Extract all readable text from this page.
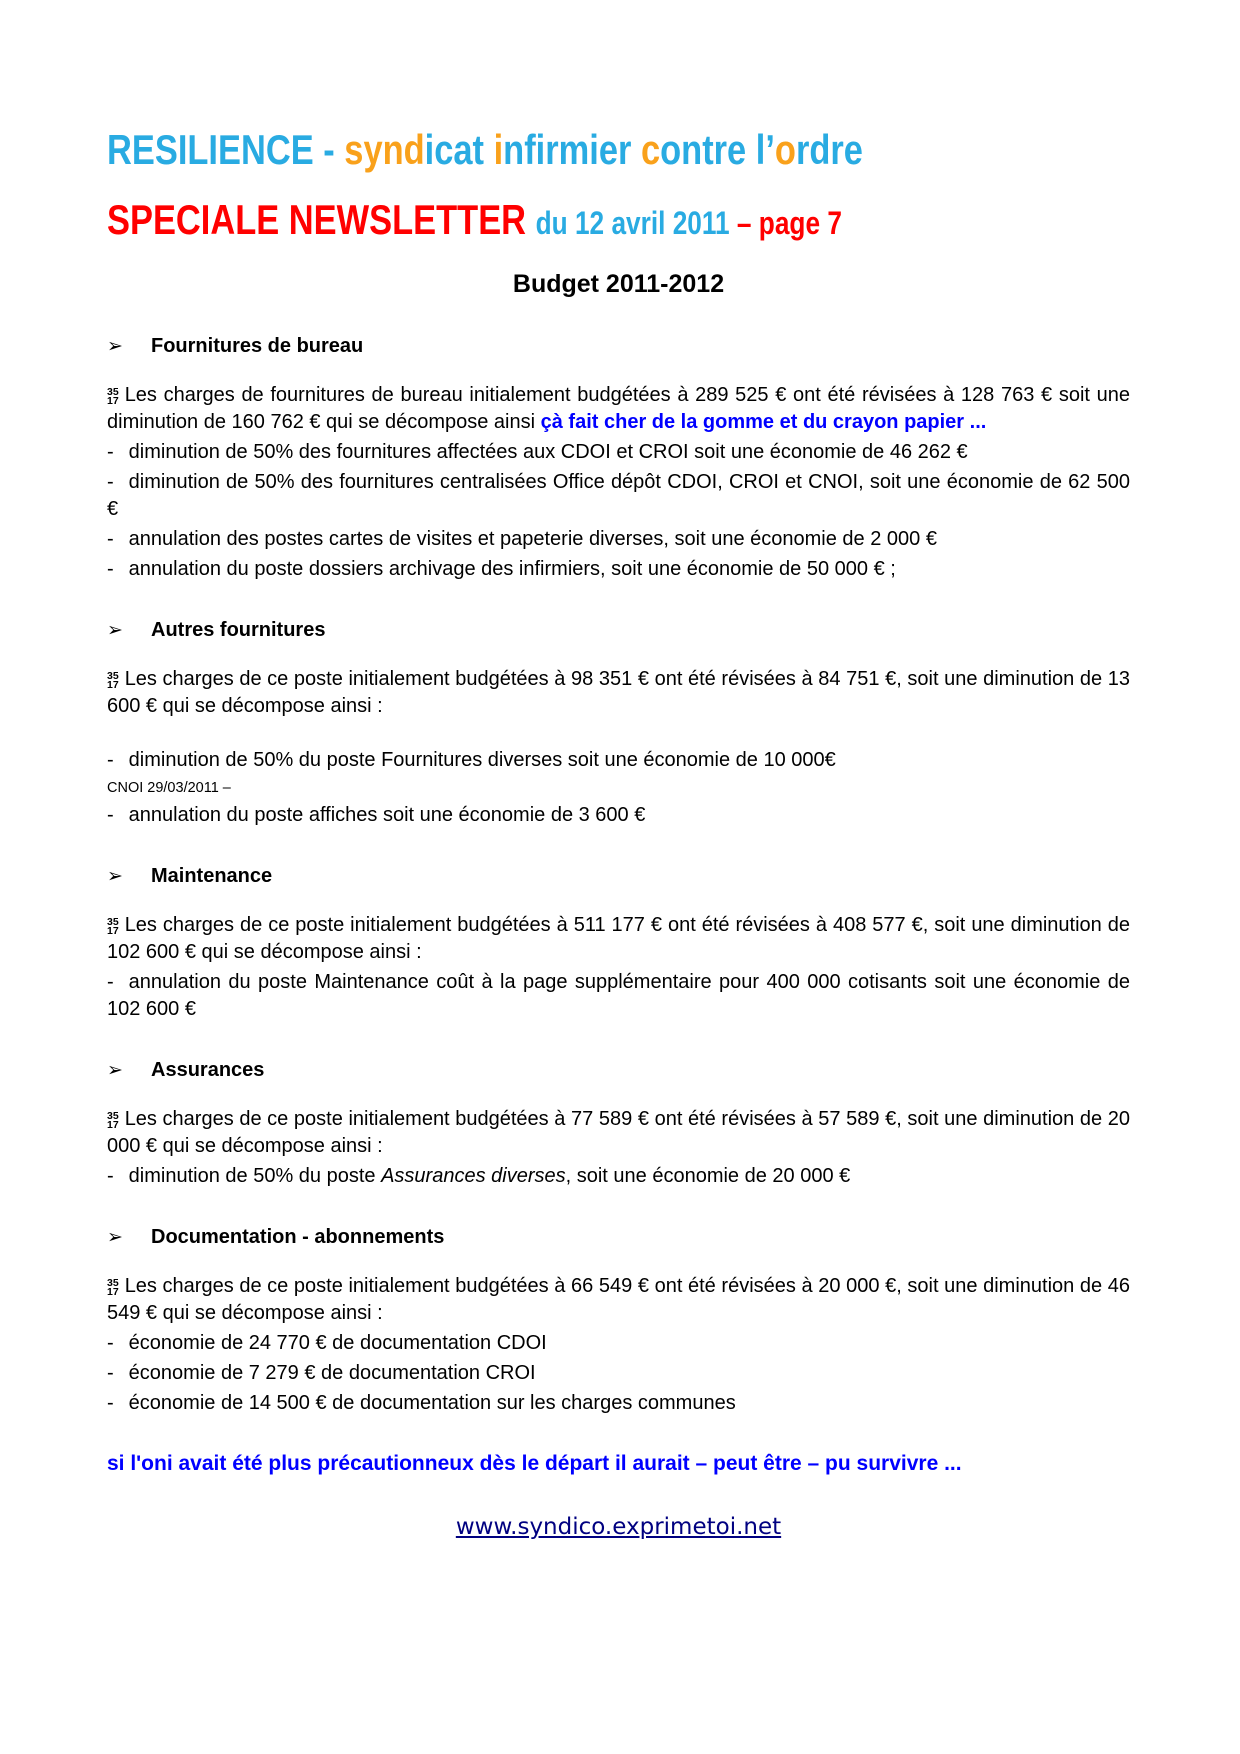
RESILIENCE - syndicat infirmier contre l’ordre
SPECIALE NEWSLETTER du 12 avril 2011 – page 7
Budget 2011-2012
➢ Fournitures de bureau

35
17 Les charges de fournitures de bureau initialement budgétées à 289 525 € ont été révisées à 128 763 € soit une diminution de 160 762 € qui se décompose ainsi çà fait cher de la gomme et du crayon papier ...

- diminution de 50% des fournitures affectées aux CDOI et CROI soit une économie de 46 262 €

- diminution de 50% des fournitures centralisées Office dépôt CDOI, CROI et CNOI, soit une économie de 62 500 €

- annulation des postes cartes de visites et papeterie diverses, soit une économie de 2 000 €

- annulation du poste dossiers archivage des infirmiers, soit une économie de 50 000 € ;

➢ Autres fournitures

35
17 Les charges de ce poste initialement budgétées à 98 351 € ont été révisées à 84 751 €, soit une diminution de 13 600 € qui se décompose ainsi :

- diminution de 50% du poste Fournitures diverses soit une économie de 10 000€

CNOI 29/03/2011 –

- annulation du poste affiches soit une économie de 3 600 €

➢ Maintenance

35
17 Les charges de ce poste initialement budgétées à 511 177 € ont été révisées à 408 577 €, soit une diminution de 102 600 € qui se décompose ainsi :

- annulation du poste Maintenance coût à la page supplémentaire pour 400 000 cotisants soit une économie de 102 600 €

➢ Assurances

35
17 Les charges de ce poste initialement budgétées à 77 589 € ont été révisées à 57 589 €, soit une diminution de 20 000 € qui se décompose ainsi :

- diminution de 50% du poste Assurances diverses, soit une économie de 20 000 €

➢ Documentation - abonnements

35
17 Les charges de ce poste initialement budgétées à 66 549 € ont été révisées à 20 000 €, soit une diminution de 46 549 € qui se décompose ainsi :

- économie de 24 770 € de documentation CDOI

- économie de 7 279 € de documentation CROI

- économie de 14 500 € de documentation sur les charges communes

si l'oni avait été plus précautionneux dès le départ il aurait – peut être – pu survivre ...

www.syndico.exprimetoi.net
